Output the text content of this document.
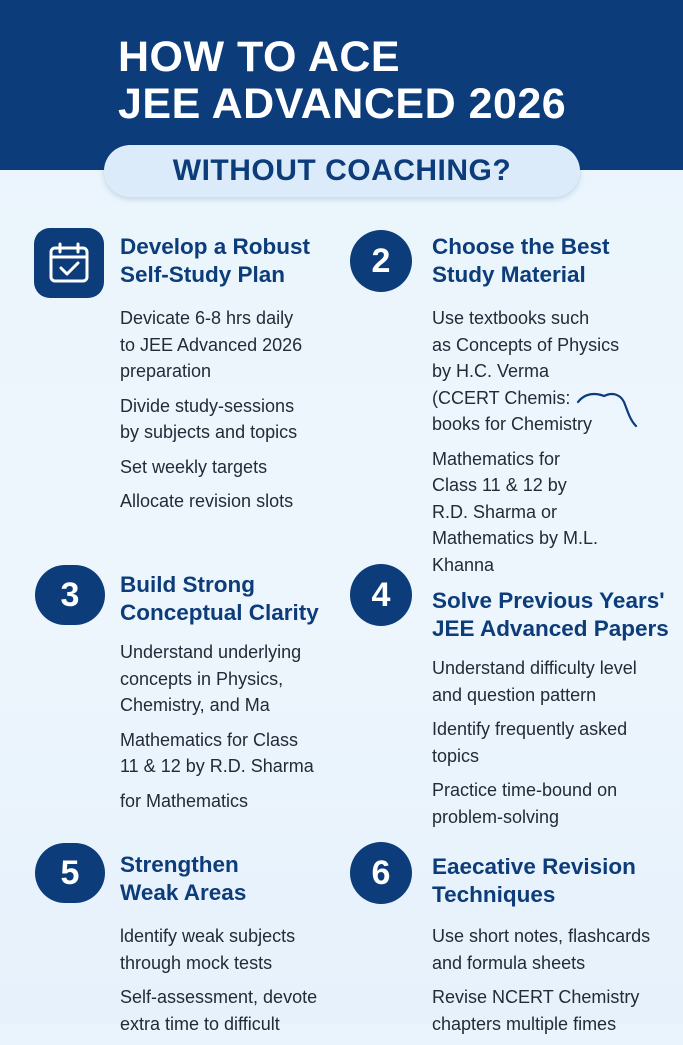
HOW TO ACE
JEE ADVANCED 2026
WITHOUT COACHING?
Develop a Robust
Self-Study Plan

Devicate 6-8 hrs daily
to JEE Advanced 2026
preparation

Divide study-sessions
by subjects and topics

Set weekly targets

Allocate revision slots

2	Choose the Best
Study Material

Use textbooks such
as Concepts of Physics
by H.C. Verma
(CCERT Chemis:
books for Chemistry

Mathematics for
Class 11 & 12 by
R.D. Sharma or
Mathematics by M.L.
Khanna

3	Build Strong
Conceptual Clarity

Understand underlying
concepts in Physics,
Chemistry, and Ma

Mathematics for Class
11 & 12 by R.D. Sharma

for Mathematics

4	Solve Previous Years'
JEE Advanced Papers

Understand difficulty level
and question pattern

Identify frequently asked
topics

Practice time-bound on
problem-solving

5	Strengthen
Weak Areas

ldentify weak subjects
through mock tests

Self-assessment, devote
extra time to difficult

6	Eaecative Revision
Techniques

Use short notes, flashcards
and formula sheets

Revise NCERT Chemistry
chapters multiple fimes
